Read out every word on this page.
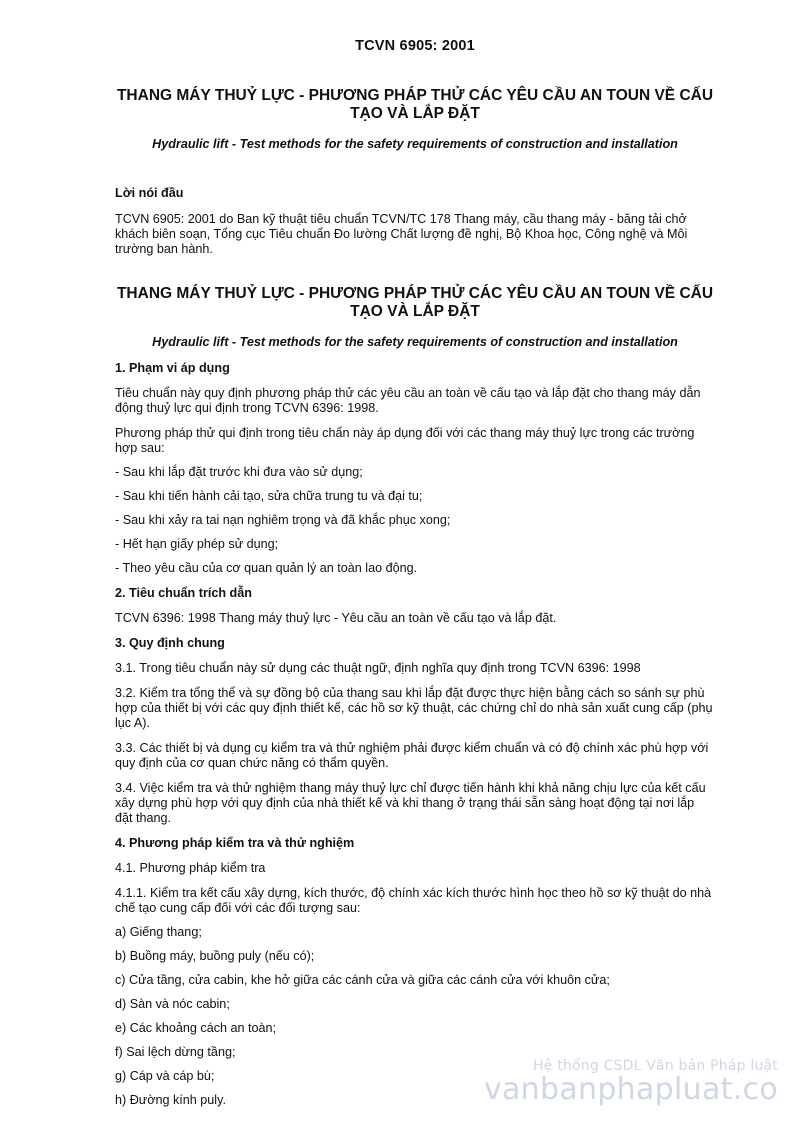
TCVN 6905: 2001
THANG MÁY THUỶ LỰC - PHƯƠNG PHÁP THỬ CÁC YÊU CẦU AN TOUN VỀ CẤU TẠO VÀ LẮP ĐẶT
Hydraulic lift - Test methods for the safety requirements of construction and installation
Lời nói đầu

TCVN 6905: 2001 do Ban kỹ thuật tiêu chuẩn TCVN/TC 178 Thang máy, cầu thang máy - băng tải chở khách biên soạn, Tổng cục Tiêu chuẩn Đo lường Chất lượng đề nghị, Bộ Khoa học, Công nghệ và Môi trường ban hành.

THANG MÁY THUỶ LỰC - PHƯƠNG PHÁP THỬ CÁC YÊU CẦU AN TOUN VỀ CẤU TẠO VÀ LẮP ĐẶT
Hydraulic lift - Test methods for the safety requirements of construction and installation
1. Phạm vi áp dụng

Tiêu chuẩn này quy định phương pháp thử các yêu cầu an toàn về cấu tạo và lắp đặt cho thang máy dẫn động thuỷ lực qui định trong TCVN 6396: 1998.

Phương pháp thử qui định trong tiêu chẩn này áp dụng đối với các thang máy thuỷ lực trong các trường hợp sau:

- Sau khi lắp đặt trước khi đưa vào sử dụng;

- Sau khi tiến hành cải tạo, sửa chữa trung tu và đại tu;

- Sau khi xảy ra tai nạn nghiêm trọng và đã khắc phục xong;

- Hết hạn giấy phép sử dụng;

- Theo yêu cầu của cơ quan quản lý an toàn lao động.

2. Tiêu chuẩn trích dẫn

TCVN 6396: 1998 Thang máy thuỷ lực - Yêu cầu an toàn về cấu tạo và lắp đặt.

3. Quy định chung

3.1. Trong tiêu chuẩn này sử dụng các thuật ngữ, định nghĩa quy định trong TCVN 6396: 1998

3.2. Kiểm tra tổng thể và sự đồng bộ của thang sau khi lắp đặt được thực hiện bằng cách so sánh sự phù hợp của thiết bị với các quy định thiết kế, các hồ sơ kỹ thuật, các chứng chỉ do nhà sản xuất cung cấp (phụ lục A).

3.3. Các thiết bị và dụng cụ kiểm tra và thử nghiệm phải được kiểm chuẩn và có độ chính xác phù hợp với quy định của cơ quan chức năng có thẩm quyền.

3.4. Việc kiểm tra và thử nghiệm thang máy thuỷ lực chỉ được tiến hành khi khả năng chịu lực của kết cấu xây dựng phù hợp với quy định của nhà thiết kế và khi thang ở trạng thái sẵn sàng hoạt động tại nơi lắp đặt thang.

4. Phương pháp kiểm tra và thử nghiệm

4.1. Phương pháp kiểm tra

4.1.1. Kiểm tra kết cấu xây dựng, kích thước, độ chính xác kích thước hình học theo hồ sơ kỹ thuật do nhà chế tạo cung cấp đối với các đối tượng sau:

a) Giếng thang;

b) Buồng máy, buồng puly (nếu có);

c) Cửa tầng, cửa cabin, khe hở giữa các cánh cửa và giữa các cánh cửa với khuôn cửa;

d) Sàn và nóc cabin;

e) Các khoảng cách an toàn;

f) Sai lệch dừng tầng;

g) Cáp và cáp bù;

h) Đường kính puly.

Hệ thống CSDL Văn bản Pháp luật
vanbanphapluat.co
